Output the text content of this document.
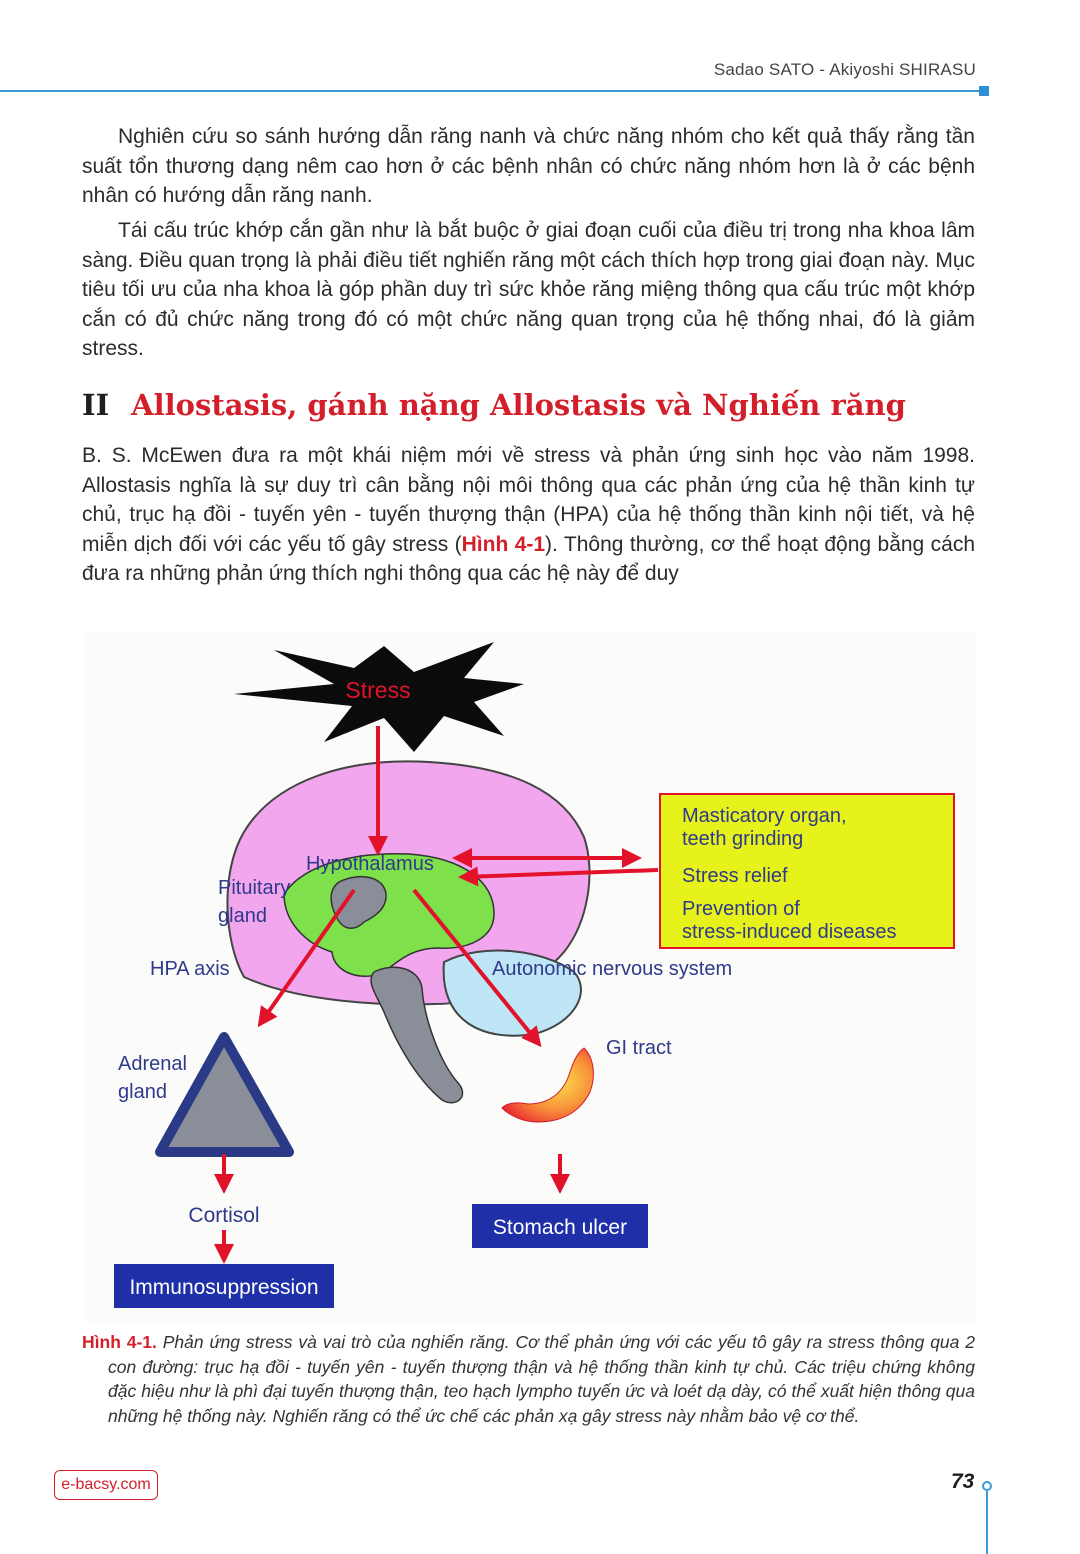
Sadao SATO - Akiyoshi SHIRASU

Nghiên cứu so sánh hướng dẫn răng nanh và chức năng nhóm cho kết quả thấy rằng tần suất tổn thương dạng nêm cao hơn ở các bệnh nhân có chức năng nhóm hơn là ở các bệnh nhân có hướng dẫn răng nanh.

Tái cấu trúc khớp cắn gần như là bắt buộc ở giai đoạn cuối của điều trị trong nha khoa lâm sàng. Điều quan trọng là phải điều tiết nghiến răng một cách thích hợp trong giai đoạn này. Mục tiêu tối ưu của nha khoa là góp phần duy trì sức khỏe răng miệng thông qua cấu trúc một khớp cắn có đủ chức năng trong đó có một chức năng quan trọng của hệ thống nhai, đó là giảm stress.

II Allostasis, gánh nặng Allostasis và Nghiến răng

B. S. McEwen đưa ra một khái niệm mới về stress và phản ứng sinh học vào năm 1998. Allostasis nghĩa là sự duy trì cân bằng nội môi thông qua các phản ứng của hệ thần kinh tự chủ, trục hạ đồi - tuyến yên - tuyến thượng thận (HPA) của hệ thống thần kinh nội tiết, và hệ miễn dịch đối với các yếu tố gây stress (Hình 4-1). Thông thường, cơ thể hoạt động bằng cách đưa ra những phản ứng thích nghi thông qua các hệ này để duy

Stress
Hypothalamus
Pituitary
gland
HPA axis	Autonomic nervous system
Masticatory organ,
teeth grinding
Stress relief
Prevention of
stress-induced diseases
Adrenal
gland
GI tract
Cortisol
Immunosuppression
Stomach ulcer

Hình 4-1. Phản ứng stress và vai trò của nghiến răng. Cơ thể phản ứng với các yếu tô gây ra stress thông qua 2 con đường: trục hạ đồi - tuyến yên - tuyến thượng thận và hệ thống thần kinh tự chủ. Các triệu chứng không đặc hiệu như là phì đại tuyến thượng thận, teo hạch lympho tuyến ức và loét dạ dày, có thể xuất hiện thông qua những hệ thống này. Nghiến răng có thể ức chế các phản xạ gây stress này nhằm bảo vệ cơ thể.

e-bacsy.com	73
